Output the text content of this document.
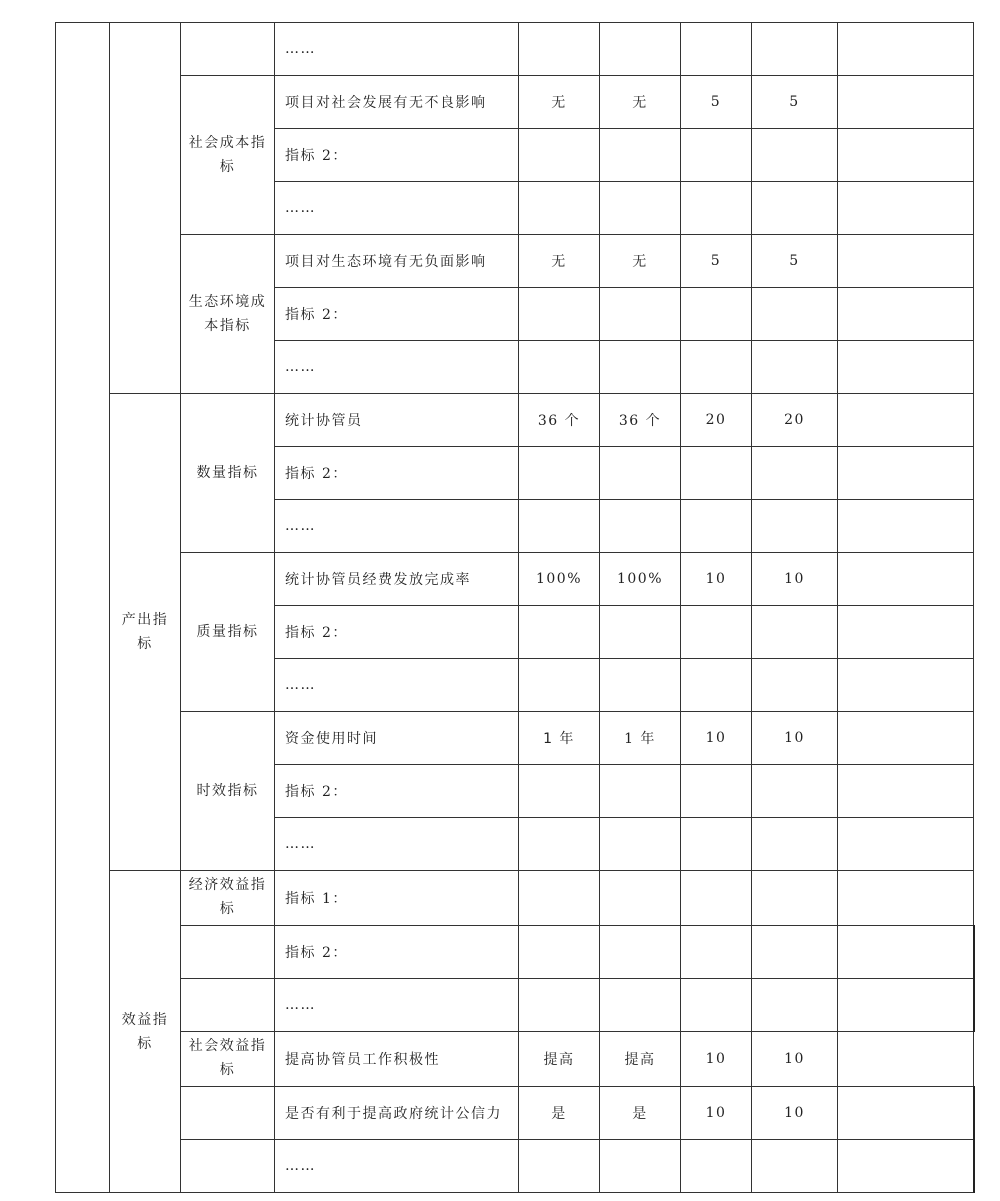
			……					
		社会成本指标	项目对社会发展有无不良影响	无	无	5	5	
			指标 2：					
			……					
		生态环境成本指标	项目对生态环境有无负面影响	无	无	5	5	
			指标 2：					
			……					
	产出指标	数量指标	统计协管员	36 个	36 个	20	20	
			指标 2：					
			……					
		质量指标	统计协管员经费发放完成率	100%	100%	10	10	
			指标 2：					
			……					
		时效指标	资金使用时间	1 年	1 年	10	10	
			指标 2：					
			……					
	效益指标	经济效益指标	指标 1：					
			指标 2：					
			……					
		社会效益指标	提高协管员工作积极性	提高	提高	10	10	
			是否有利于提高政府统计公信力	是	是	10	10	
			……					
